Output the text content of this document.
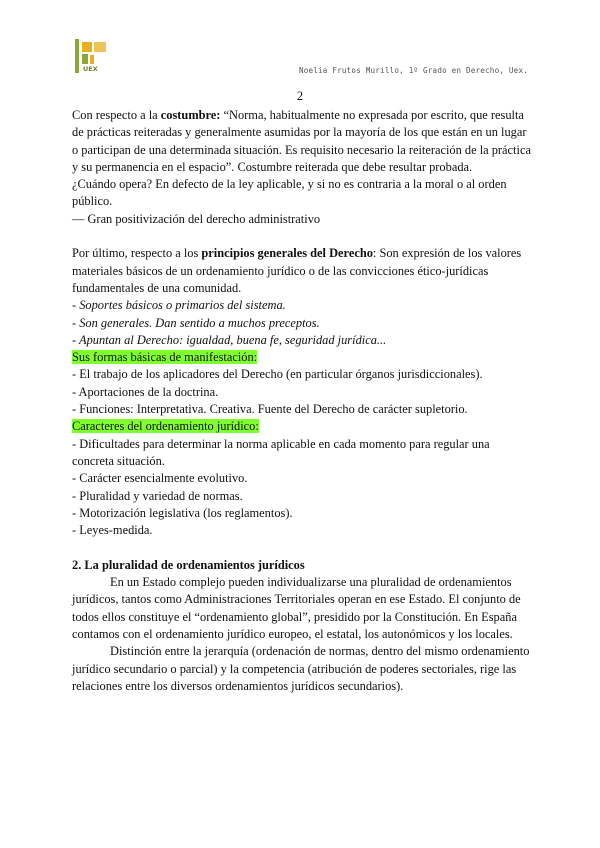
UEX	Noelia Frutos Murillo, 1º Grado en Derecho, Uex.
2

Con respecto a la costumbre: “Norma, habitualmente no expresada por escrito, que resulta de prácticas reiteradas y generalmente asumidas por la mayoría de los que están en un lugar o participan de una determinada situación. Es requisito necesario la reiteración de la práctica y su permanencia en el espacio”. Costumbre reiterada que debe resultar probada.

¿Cuándo opera? En defecto de la ley aplicable, y si no es contraria a la moral o al orden público.

— Gran positivización del derecho administrativo

Por último, respecto a los principios generales del Derecho: Son expresión de los valores materiales básicos de un ordenamiento jurídico o de las convicciones ético-jurídicas fundamentales de una comunidad.

- Soportes básicos o primarios del sistema.

- Son generales. Dan sentido a muchos preceptos.

- Apuntan al Derecho: igualdad, buena fe, seguridad jurídica...

Sus formas básicas de manifestación:

- El trabajo de los aplicadores del Derecho (en particular órganos jurisdiccionales).

- Aportaciones de la doctrina.

- Funciones: Interpretativa. Creativa. Fuente del Derecho de carácter supletorio.

Caracteres del ordenamiento jurídico:

- Dificultades para determinar la norma aplicable en cada momento para regular una concreta situación.

- Carácter esencialmente evolutivo.

- Pluralidad y variedad de normas.

- Motorización legislativa (los reglamentos).

- Leyes-medida.

2. La pluralidad de ordenamientos jurídicos

En un Estado complejo pueden individualizarse una pluralidad de ordenamientos jurídicos, tantos como Administraciones Territoriales operan en ese Estado. El conjunto de todos ellos constituye el “ordenamiento global”, presidido por la Constitución. En España contamos con el ordenamiento jurídico europeo, el estatal, los autonómicos y los locales.

Distinción entre la jerarquía (ordenación de normas, dentro del mismo ordenamiento jurídico secundario o parcial) y la competencia (atribución de poderes sectoriales, rige las relaciones entre los diversos ordenamientos jurídicos secundarios).
